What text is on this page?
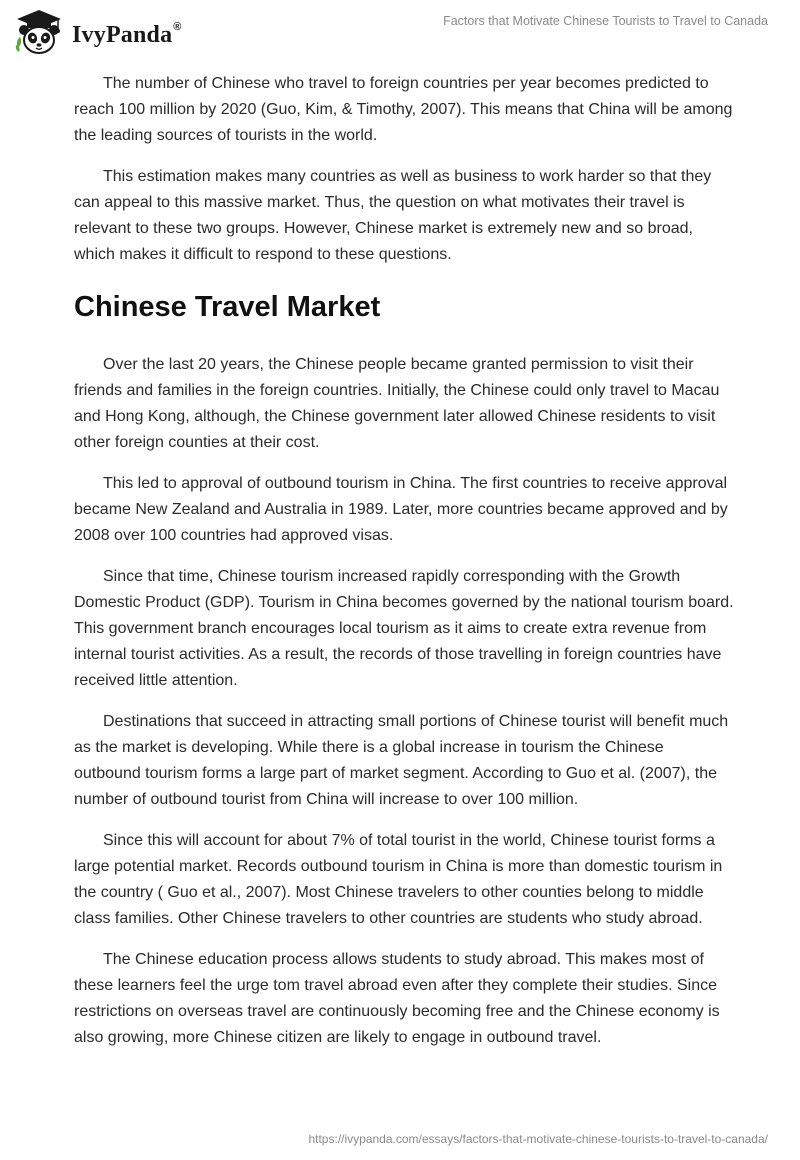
IvyPanda®	Factors that Motivate Chinese Tourists to Travel to Canada

The number of Chinese who travel to foreign countries per year becomes predicted to reach 100 million by 2020 (Guo, Kim, & Timothy, 2007). This means that China will be among the leading sources of tourists in the world.

This estimation makes many countries as well as business to work harder so that they can appeal to this massive market. Thus, the question on what motivates their travel is relevant to these two groups. However, Chinese market is extremely new and so broad, which makes it difficult to respond to these questions.

Chinese Travel Market

Over the last 20 years, the Chinese people became granted permission to visit their friends and families in the foreign countries. Initially, the Chinese could only travel to Macau and Hong Kong, although, the Chinese government later allowed Chinese residents to visit other foreign counties at their cost.

This led to approval of outbound tourism in China. The first countries to receive approval became New Zealand and Australia in 1989. Later, more countries became approved and by 2008 over 100 countries had approved visas.

Since that time, Chinese tourism increased rapidly corresponding with the Growth Domestic Product (GDP). Tourism in China becomes governed by the national tourism board. This government branch encourages local tourism as it aims to create extra revenue from internal tourist activities. As a result, the records of those travelling in foreign countries have received little attention.

Destinations that succeed in attracting small portions of Chinese tourist will benefit much as the market is developing. While there is a global increase in tourism the Chinese outbound tourism forms a large part of market segment. According to Guo et al. (2007), the number of outbound tourist from China will increase to over 100 million.

Since this will account for about 7% of total tourist in the world, Chinese tourist forms a large potential market. Records outbound tourism in China is more than domestic tourism in the country ( Guo et al., 2007). Most Chinese travelers to other counties belong to middle class families. Other Chinese travelers to other countries are students who study abroad.

The Chinese education process allows students to study abroad. This makes most of these learners feel the urge tom travel abroad even after they complete their studies. Since restrictions on overseas travel are continuously becoming free and the Chinese economy is also growing, more Chinese citizen are likely to engage in outbound travel.

https://ivypanda.com/essays/factors-that-motivate-chinese-tourists-to-travel-to-canada/
